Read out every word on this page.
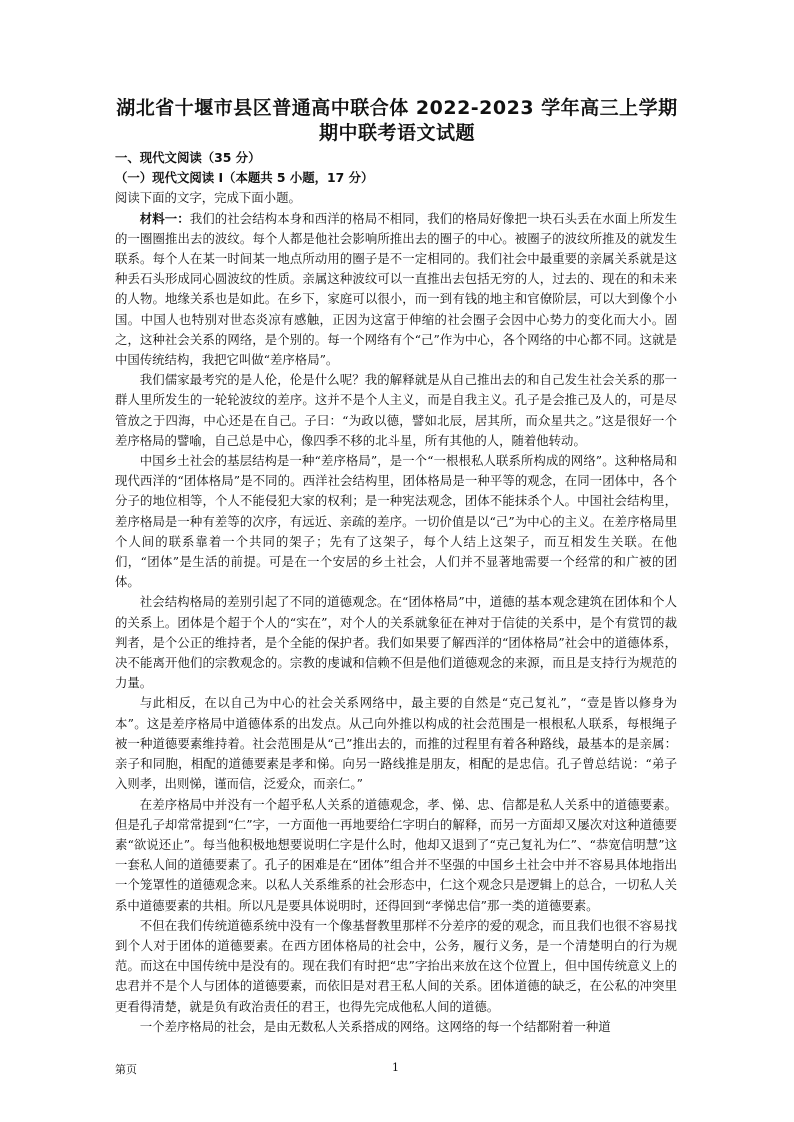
湖北省十堰市县区普通高中联合体 2022-2023 学年高三上学期
期中联考语文试题
一、现代文阅读（35 分）
（一）现代文阅读 I（本题共 5 小题，17 分）
阅读下面的文字，完成下面小题。

材料一：我们的社会结构本身和西洋的格局不相同，我们的格局好像把一块石头丢在水面上所发生的一圈圈推出去的波纹。每个人都是他社会影响所推出去的圈子的中心。被圈子的波纹所推及的就发生联系。每个人在某一时间某一地点所动用的圈子是不一定相同的。我们社会中最重要的亲属关系就是这种丢石头形成同心圆波纹的性质。亲属这种波纹可以一直推出去包括无穷的人，过去的、现在的和未来的人物。地缘关系也是如此。在乡下，家庭可以很小，而一到有钱的地主和官僚阶层，可以大到像个小国。中国人也特别对世态炎凉有感触，正因为这富于伸缩的社会圈子会因中心势力的变化而大小。固之，这种社会关系的网络，是个别的。每一个网络有个“己”作为中心，各个网络的中心都不同。这就是中国传统结构，我把它叫做“差序格局”。

我们儒家最考究的是人伦，伦是什么呢？我的解释就是从自己推出去的和自己发生社会关系的那一群人里所发生的一轮轮波纹的差序。这并不是个人主义，而是自我主义。孔子是会推己及人的，可是尽管放之于四海，中心还是在自己。子曰：“为政以德，譬如北辰，居其所，而众星共之。”这是很好一个差序格局的譬喻，自己总是中心，像四季不移的北斗星，所有其他的人，随着他转动。

中国乡土社会的基层结构是一种“差序格局”，是一个“一根根私人联系所构成的网络”。这种格局和现代西洋的“团体格局”是不同的。西洋社会结构里，团体格局是一种平等的观念，在同一团体中，各个分子的地位相等，个人不能侵犯大家的权利；是一种宪法观念，团体不能抹杀个人。中国社会结构里，差序格局是一种有差等的次序，有远近、亲疏的差序。一切价值是以“己”为中心的主义。在差序格局里个人间的联系靠着一个共同的架子；先有了这架子，每个人结上这架子，而互相发生关联。在他们，“团体”是生活的前提。可是在一个安居的乡土社会，人们并不显著地需要一个经常的和广被的团体。

社会结构格局的差别引起了不同的道德观念。在“团体格局”中，道德的基本观念建筑在团体和个人的关系上。团体是个超于个人的“实在”，对个人的关系就象征在神对于信徒的关系中，是个有赏罚的裁判者，是个公正的维持者，是个全能的保护者。我们如果要了解西洋的“团体格局”社会中的道德体系，决不能离开他们的宗教观念的。宗教的虔诚和信赖不但是他们道德观念的来源，而且是支持行为规范的力量。

与此相反，在以自己为中心的社会关系网络中，最主要的自然是“克己复礼”，“壹是皆以修身为本”。这是差序格局中道德体系的出发点。从己向外推以构成的社会范围是一根根私人联系，每根绳子被一种道德要素维持着。社会范围是从“己”推出去的，而推的过程里有着各种路线，最基本的是亲属：亲子和同胞，相配的道德要素是孝和悌。向另一路线推是朋友，相配的是忠信。孔子曾总结说：“弟子入则孝，出则悌，谨而信，泛爱众，而亲仁。”

在差序格局中并没有一个超乎私人关系的道德观念，孝、悌、忠、信都是私人关系中的道德要素。但是孔子却常常提到“仁”字，一方面他一再地要给仁字明白的解释，而另一方面却又屡次对这种道德要素“欲说还止”。每当他积极地想要说明仁字是什么时，他却又退到了“克己复礼为仁”、“恭宽信明慧”这一套私人间的道德要素了。孔子的困难是在“团体”组合并不坚强的中国乡土社会中并不容易具体地指出一个笼罩性的道德观念来。以私人关系维系的社会形态中，仁这个观念只是逻辑上的总合，一切私人关系中道德要素的共相。所以凡是要具体说明时，还得回到“孝悌忠信”那一类的道德要素。

不但在我们传统道德系统中没有一个像基督教里那样不分差序的爱的观念，而且我们也很不容易找到个人对于团体的道德要素。在西方团体格局的社会中，公务，履行义务，是一个清楚明白的行为规范。而这在中国传统中是没有的。现在我们有时把“忠”字抬出来放在这个位置上，但中国传统意义上的忠君并不是个人与团体的道德要素，而依旧是对君王私人间的关系。团体道德的缺乏，在公私的冲突里更看得清楚，就是负有政治责任的君王，也得先完成他私人间的道德。

一个差序格局的社会，是由无数私人关系搭成的网络。这网络的每一个结都附着一种道

第页	1
